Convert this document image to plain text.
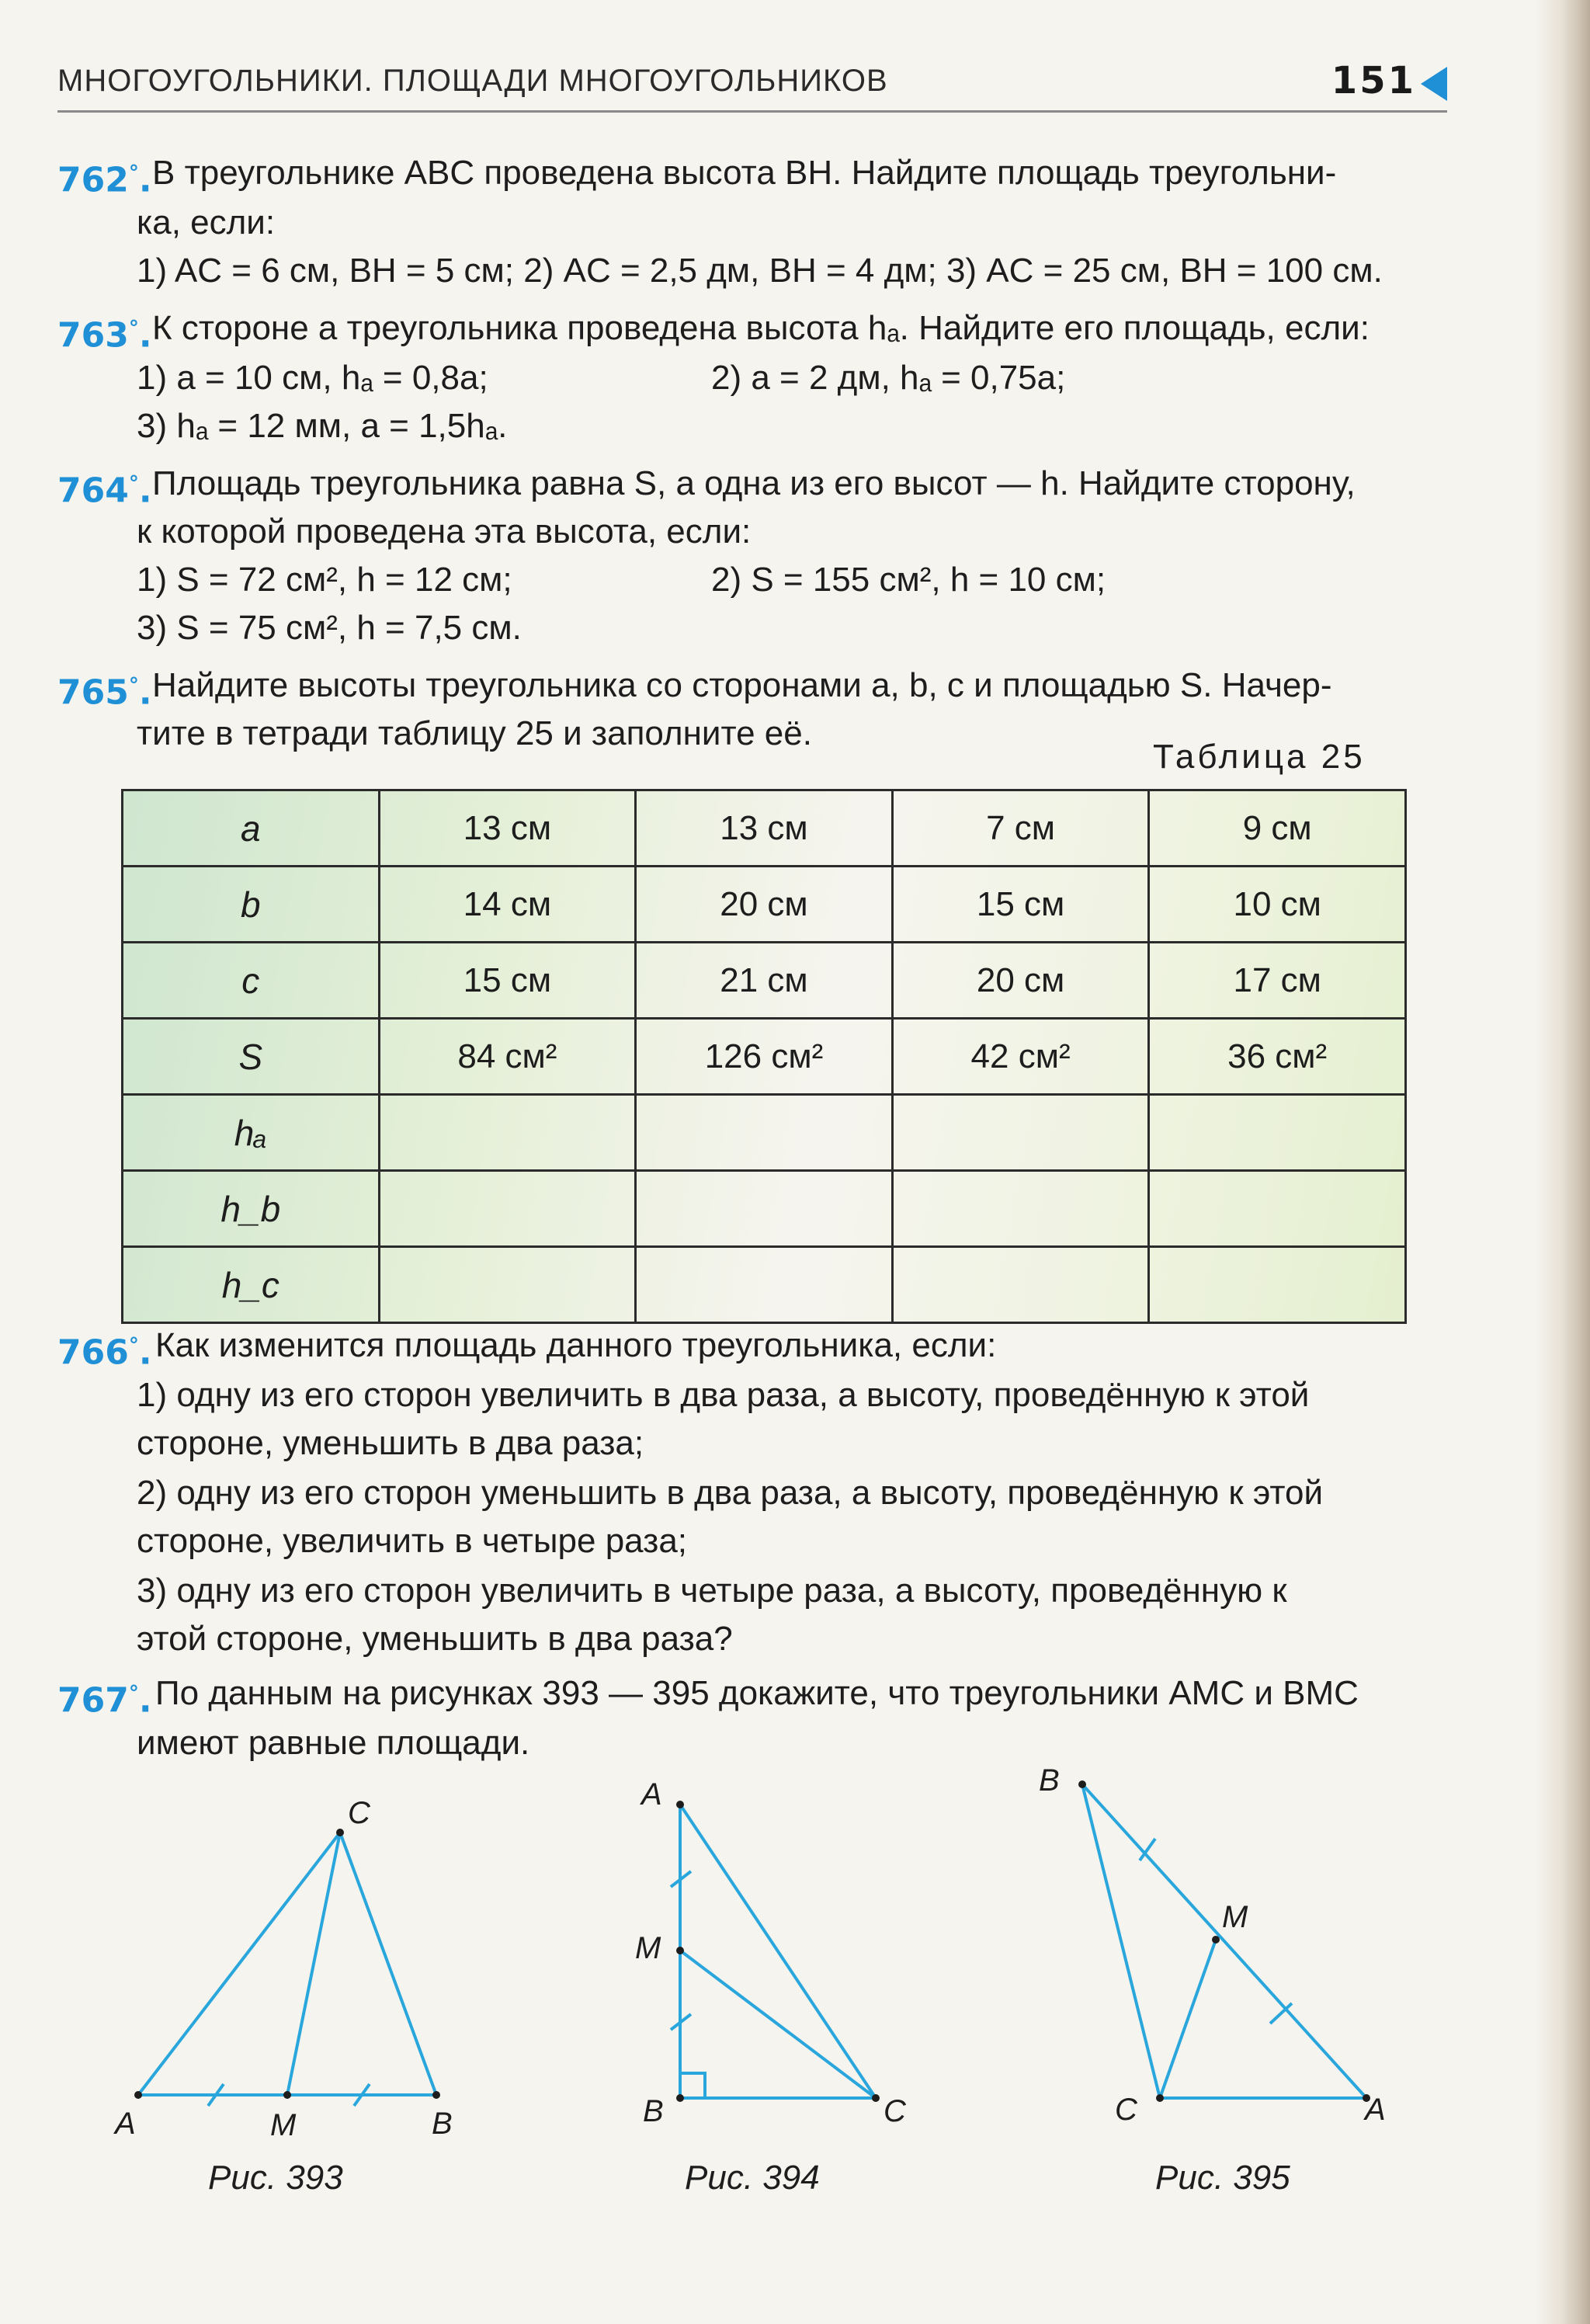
МНОГОУГОЛЬНИКИ. ПЛОЩАДИ МНОГОУГОЛЬНИКОВ	151
762°. В треугольнике ABC проведена высота BH. Найдите площадь треугольни-
ка, если:
1) AC = 6 см, BH = 5 см; 2) AC = 2,5 дм, BH = 4 дм; 3) AC = 25 см, BH = 100 см.
763°. К стороне a треугольника проведена высота hₐ. Найдите его площадь, если:
1) a = 10 см, hₐ = 0,8a;	2) a = 2 дм, hₐ = 0,75a;
3) hₐ = 12 мм, a = 1,5hₐ.
764°. Площадь треугольника равна S, а одна из его высот — h. Найдите сторону,
к которой проведена эта высота, если:
1) S = 72 см², h = 12 см;	2) S = 155 см², h = 10 см;
3) S = 75 см², h = 7,5 см.
765°. Найдите высоты треугольника со сторонами a, b, c и площадью S. Начер-
тите в тетради таблицу 25 и заполните её.
Таблица 25
a	13 см	13 см	7 см	9 см
b	14 см	20 см	15 см	10 см
c	15 см	21 см	20 см	17 см
S	84 см²	126 см²	42 см²	36 см²
hₐ				
h_b				
h_c				
766°. Как изменится площадь данного треугольника, если:
1) одну из его сторон увеличить в два раза, а высоту, проведённую к этой
стороне, уменьшить в два раза;
2) одну из его сторон уменьшить в два раза, а высоту, проведённую к этой
стороне, увеличить в четыре раза;
3) одну из его сторон увеличить в четыре раза, а высоту, проведённую к
этой стороне, уменьшить в два раза?
767°. По данным на рисунках 393 — 395 докажите, что треугольники AMC и BMC
имеют равные площади.
A	M	B
C
A
M
B	C
B
M
C	A
Рис. 393	Рис. 394	Рис. 395
